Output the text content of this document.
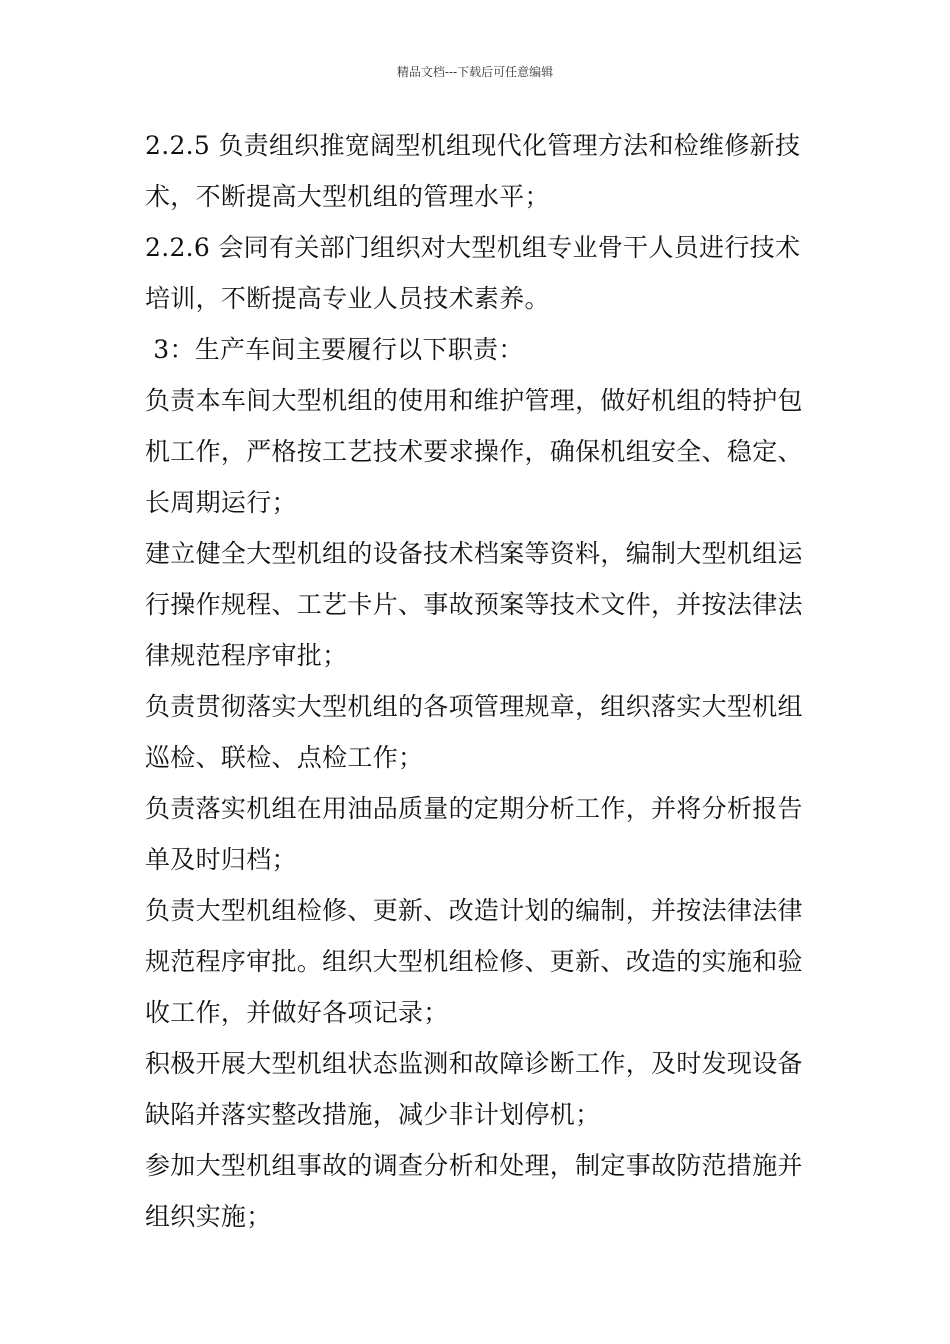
精品文档---下载后可任意编辑

2.2.5 负责组织推宽阔型机组现代化管理方法和检维修新技术，不断提高大型机组的管理水平；

2.2.6 会同有关部门组织对大型机组专业骨干人员进行技术培训，不断提高专业人员技术素养。

3：生产车间主要履行以下职责：

负责本车间大型机组的使用和维护管理，做好机组的特护包机工作，严格按工艺技术要求操作，确保机组安全、稳定、长周期运行；

建立健全大型机组的设备技术档案等资料，编制大型机组运行操作规程、工艺卡片、事故预案等技术文件，并按法律法律规范程序审批；

负责贯彻落实大型机组的各项管理规章，组织落实大型机组巡检、联检、点检工作；

负责落实机组在用油品质量的定期分析工作，并将分析报告单及时归档；

负责大型机组检修、更新、改造计划的编制，并按法律法律规范程序审批。组织大型机组检修、更新、改造的实施和验收工作，并做好各项记录；

积极开展大型机组状态监测和故障诊断工作，及时发现设备缺陷并落实整改措施，减少非计划停机；

参加大型机组事故的调查分析和处理，制定事故防范措施并组织实施；
